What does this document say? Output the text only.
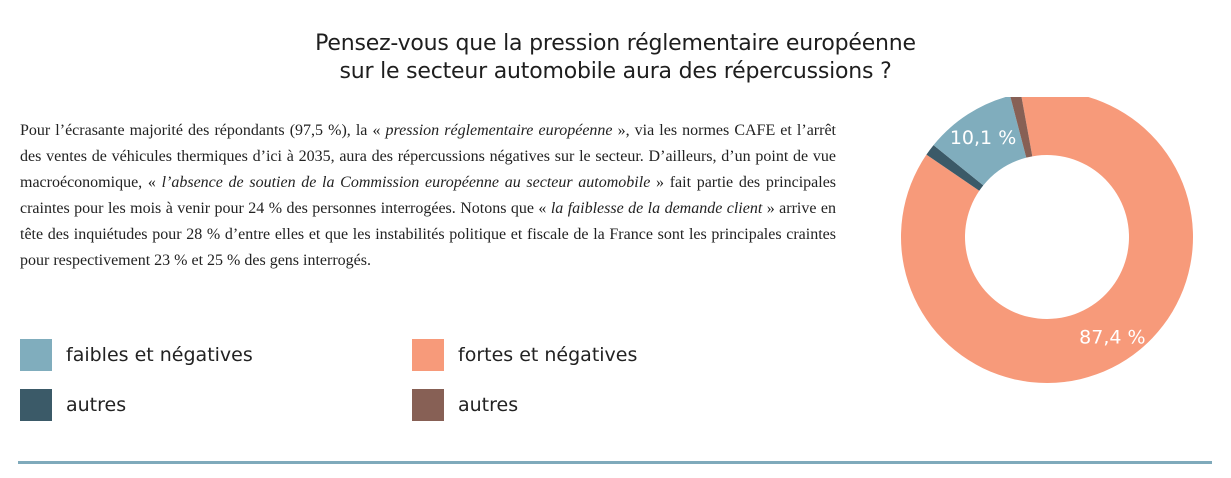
Pensez-vous que la pression réglementaire européenne
sur le secteur automobile aura des répercussions ?

Pour l’écrasante majorité des répondants (97,5 %), la « pression réglementaire européenne », via les normes CAFE et l’arrêt des ventes de véhicules thermiques d’ici à 2035, aura des répercussions négatives sur le secteur. D’ailleurs, d’un point de vue macroéconomique, « l’absence de soutien de la Commission européenne au secteur automobile » fait partie des principales craintes pour les mois à venir pour 24 % des personnes interrogées. Notons que « la faiblesse de la demande client » arrive en tête des inquiétudes pour 28 % d’entre elles et que les instabilités politique et fiscale de la France sont les principales craintes pour respectivement 23 % et 25 % des gens interrogés.

faibles et négatives	fortes et négatives
autres	autres
87,4 %
10,1 %
